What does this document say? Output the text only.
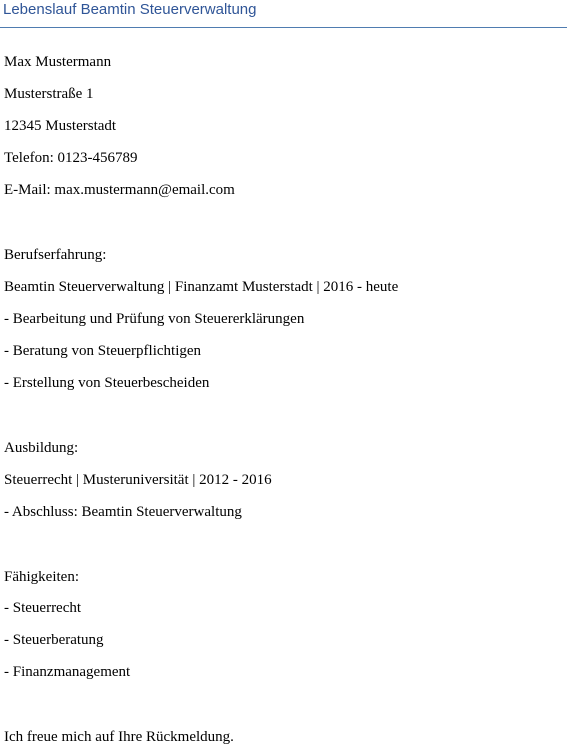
Lebenslauf Beamtin Steuerverwaltung
Max Mustermann
Musterstraße 1
12345 Musterstadt
Telefon: 0123-456789
E-Mail: max.mustermann@email.com
Berufserfahrung:
Beamtin Steuerverwaltung | Finanzamt Musterstadt | 2016 - heute
- Bearbeitung und Prüfung von Steuererklärungen
- Beratung von Steuerpflichtigen
- Erstellung von Steuerbescheiden
Ausbildung:
Steuerrecht | Musteruniversität | 2012 - 2016
- Abschluss: Beamtin Steuerverwaltung
Fähigkeiten:
- Steuerrecht
- Steuerberatung
- Finanzmanagement
Ich freue mich auf Ihre Rückmeldung.
